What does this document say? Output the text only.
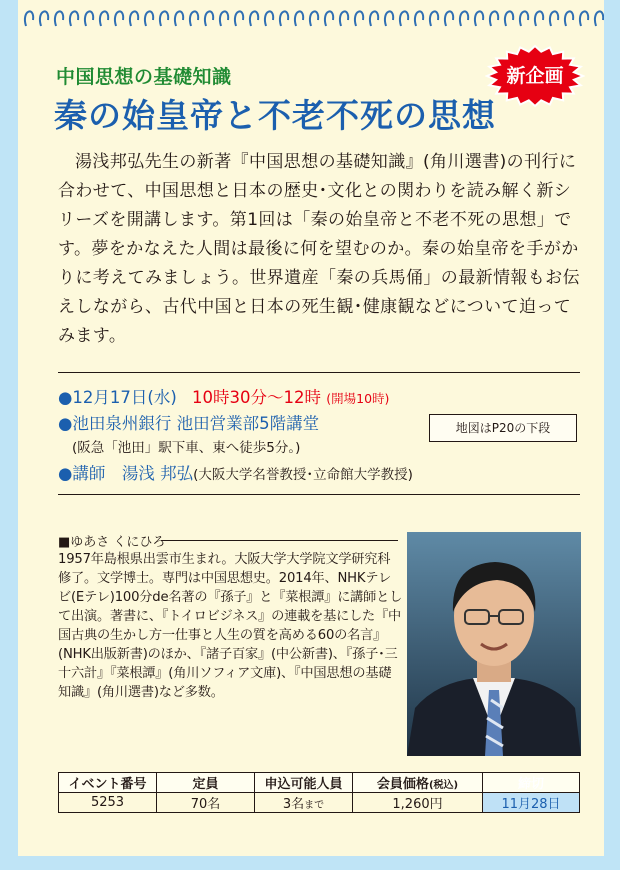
中国思想の基礎知識
秦の始皇帝と不老不死の思想
新企画
湯浅邦弘先生の新著『中国思想の基礎知識』(角川選書)の刊行に合わせて、中国思想と日本の歴史･文化との関わりを読み解く新シリーズを開講します。第1回は「秦の始皇帝と不老不死の思想」です。夢をかなえた人間は最後に何を望むのか。秦の始皇帝を手がかりに考えてみましょう。世界遺産「秦の兵馬俑」の最新情報もお伝えしながら、古代中国と日本の死生観･健康観などについて迫ってみます。
●12月17日(水) 10時30分～12時 (開場10時)
●池田泉州銀行 池田営業部5階講堂
(阪急「池田」駅下車、東へ徒歩5分。)
地図はP20の下段
●講師　湯浅 邦弘(大阪大学名誉教授･立命館大学教授)
■ゆあさ くにひろ
1957年島根県出雲市生まれ。大阪大学大学院文学研究科修了。文学博士。専門は中国思想史。2014年、NHKテレビ(Eテレ)100分de名著の『孫子』と『菜根譚』に講師として出演。著書に、『トイロビジネス』の連載を基にした『中国古典の生かし方一仕事と人生の質を高める60の名言』(NHK出版新書)のほか、『諸子百家』(中公新書)、『孫子･三十六計』『菜根譚』(角川ソフィア文庫)、『中国思想の基礎知識』(角川選書)など多数。
イベント番号	定員	申込可能人員	会員価格(税込)	締切
5253	70名	3名まで	1,260円	11月28日
